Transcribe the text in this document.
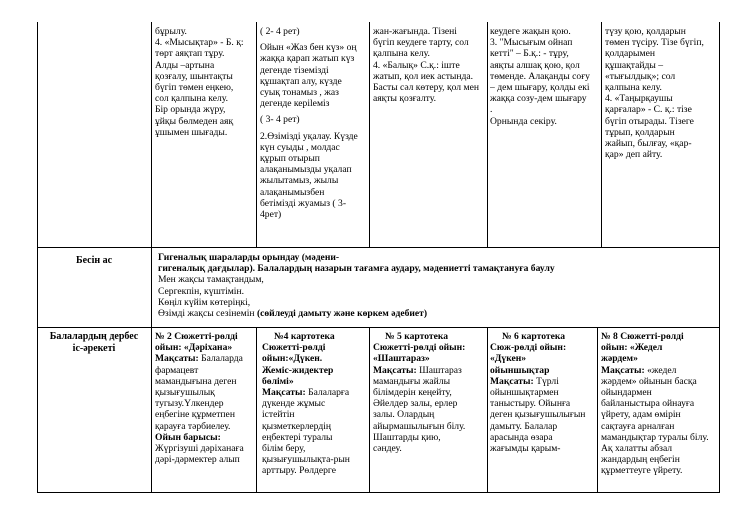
бұрылу.
4. «Мысықтар» - Б. қ:
төрт аяқтап тұру.
Алды –артына
қозғалу, шынтақты
бүгіп төмен еңкею,
сол қалпына келу.
Бір орында жүру,
ұйқы бөлмеден аяқ
ұшымен шығады.
( 2- 4 рет)
Ойын «Жаз бен күз» оң
жаққа қарап жатып күз
дегенде тіземіздi
құшақтап алу, күзде
суық тонамыз , жаз
дегенде керіleміз
( 3- 4 рет)
2.Өзімізді уқалау. Күзде
күн суыды , молдас
құрып отырып
алақанымызды уқалап
жылытамыз, жылы
алақанымызбен
бетімізді жуамыз ( 3-
4рет)
жан-жағында. Тізені
бүгіп кеудеге тарту, сол
қалпына келу.
4. «Балық» С.қ.: іште
жатып, қол иек астында.
Басты сәл көтеру, қол мен
аяқты қозғалту.
кеудеге жақын қою.
3. "Мысығым ойнап
кетті" – Б.қ.: - тұру,
аяқты алшақ қою, қол
төменде. Алақанды соғу
– дем шығару, қолды екі
жаққа созу-дем шығару
.
Орнында секіру.
түзу қою, қолдарын
төмен түсіру. Тізе бүгіп,
қолдарымен
құшақтайды –
«тығылдық»; сол
қалпына келу.
4. «Таңырқаушы
қарғалар» - С. қ.: тізе
бүгіп отырады. Тізеге
тұрып, қолдарын
жайып, былғау, «қар-
қар» деп айту.
Бесін ас	Гигеналық шараларды орындау (мәдени-
гигеналық дағдылар). Балалардың назарын тағамға аудару, мәдениетті тамақтануға баулу
Мен жақсы тамақтандым,
Сергекпін, күштімін.
Көңіл күйім көтеріңкі,
Өзімді жақсы сезінемін (сөйлеуді дамыту және көркем әдебиет)
Балалардың дербес
іс-әрекеті
№ 2 Сюжетті-рөлдi
ойын: «Дәріхана»
Мақсаты: Балаларда
фармацевт
мамандығына деген
қызығушылық
тугызу.Үлкендер
еңбегіне құрметпен
қарауға тәрбиелеу.
Ойын барысы:
Жүргізуші дәріханаға
дәрі-дәрмектер алып
№4 картотека
Сюжетті-рөлдi
ойын:«Дүкен.
Жеміс-жидектер
бөлімі»
Мақсаты: Балаларға
дүкенде жұмыс
істейтін
қызметкерлердің
еңбектері туралы
білім беру,
қызығушылықта-рын
арттыру. Рөлдерге
№ 5 картотека
Сюжетті-рөлдi ойын:
«Шаштараз»
Мақсаты: Шаштараз
мамандығы жайлы
білімдерін кеңейту,
Әйелдер залы, ерлер
залы. Олардың
айырмашылығын білу.
Шаштарды қию,
сәндеу.
№ 6 картотека
Сюж-рөлдi ойын:
«Дүкен»
ойыншықтар
Мақсаты: Түрлi
ойыншықтармен
таныстыру. Ойынға
деген қызығушылығын
дамыту. Балалар
арасында өзара
жағымды қарым-
№ 8 Сюжетті-рөлдi
ойын: «Жедел
жәрдем»
Мақсаты: «жедел
жәрдем» ойынын басқа
ойындармен
байланыстыра ойнауға
үйрету, адам өмірін
сақтауға арналған
мамандықтар туралы білу.
Ақ халатты абзал
жандардың еңбегін
құрметтеуге үйрету.
